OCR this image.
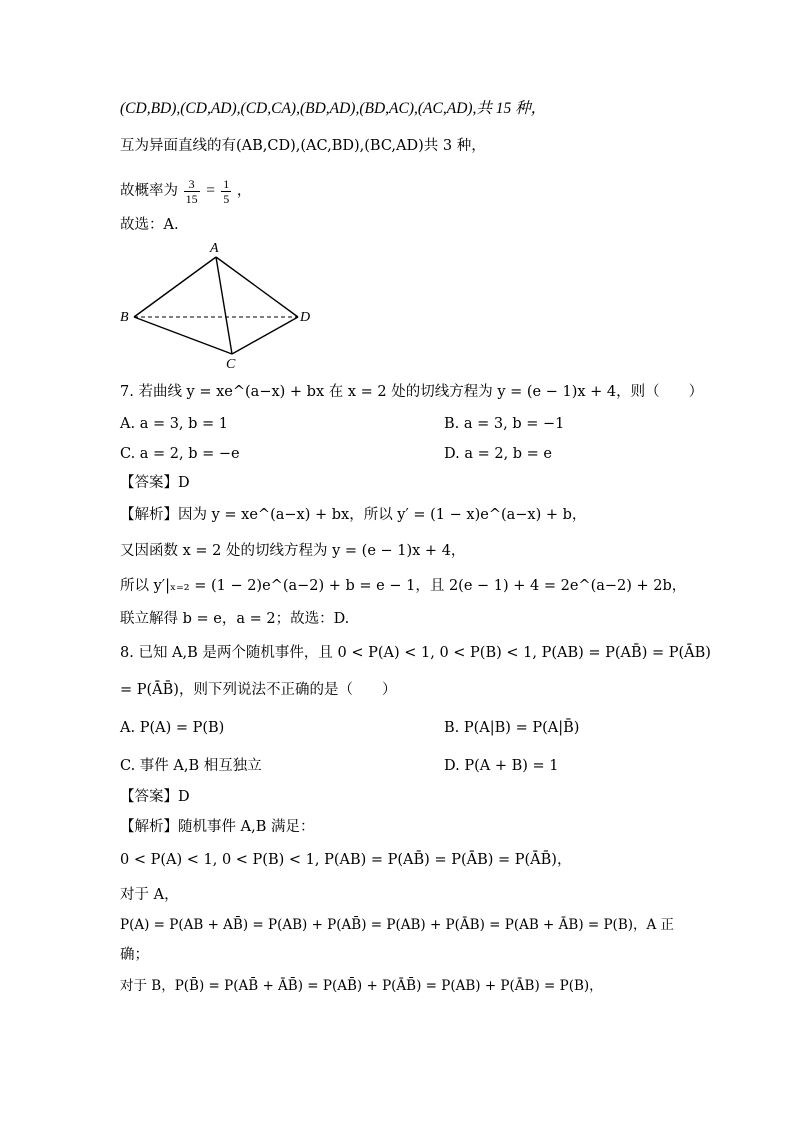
(CD,BD),(CD,AD),(CD,CA),(BD,AD),(BD,AC),(AC,AD),共 15 种，
互为异面直线的有(AB,CD),(AC,BD),(BC,AD)共 3 种，
故概率为 $\frac{3}{15} = \frac{1}{5}$ ，
故选：A.
A
B
C
D
7. 若曲线 y = xe^(a−x) + bx 在 x = 2 处的切线方程为 y = (e − 1)x + 4，则（　　）
A. a = 3, b = 1	B. a = 3, b = −1
C. a = 2, b = −e	D. a = 2, b = e
【答案】D
【解析】因为 y = xe^(a−x) + bx，所以 y′ = (1 − x)e^(a−x) + b，
又因函数 x = 2 处的切线方程为 y = (e − 1)x + 4，
所以 y′|ₓ₌₂ = (1 − 2)e^(a−2) + b = e − 1，且 2(e − 1) + 4 = 2e^(a−2) + 2b，
联立解得 b = e，a = 2；故选：D.
8. 已知 A,B 是两个随机事件，且 0 < P(A) < 1, 0 < P(B) < 1, P(AB) = P(AB̄) = P(ĀB)
= P(ĀB̄)，则下列说法不正确的是（　　）
A. P(A) = P(B)	B. P(A|B) = P(A|B̄)
C. 事件 A,B 相互独立	D. P(A + B) = 1
【答案】D
【解析】随机事件 A,B 满足：
0 < P(A) < 1, 0 < P(B) < 1, P(AB) = P(AB̄) = P(ĀB) = P(ĀB̄)，
对于 A，
P(A) = P(AB + AB̄) = P(AB) + P(AB̄) = P(AB) + P(ĀB) = P(AB + ĀB) = P(B)，A 正
确；
对于 B，P(B̄) = P(AB̄ + ĀB̄) = P(AB̄) + P(ĀB̄) = P(AB) + P(ĀB) = P(B)，
